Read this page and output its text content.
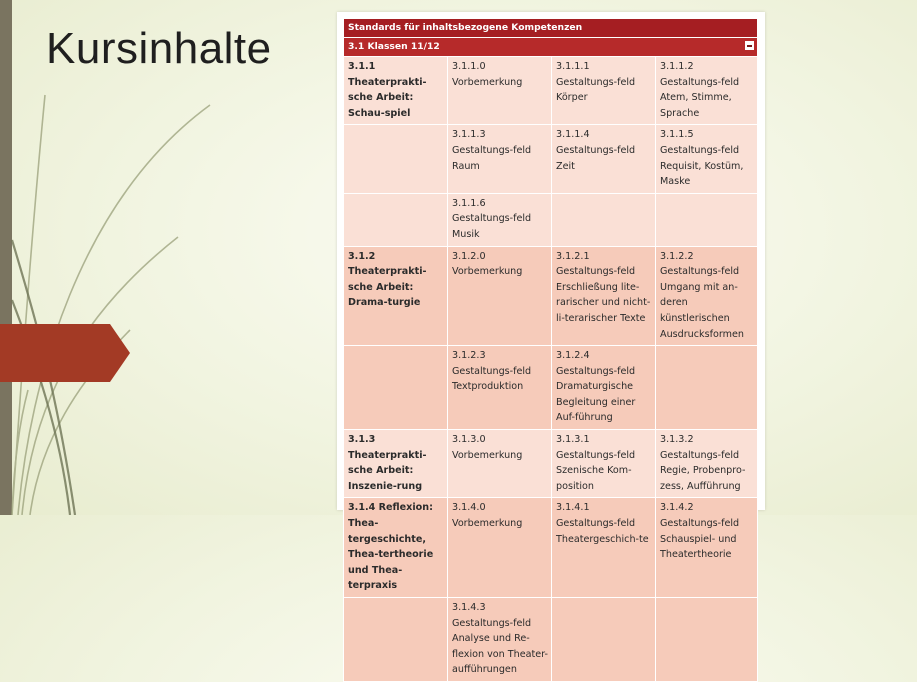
Kursinhalte	Standards für inhaltsbezogene Kompetenzen			
3.1 Klassen 11/12			

3.1.1 Theaterprakti-sche Arbeit: Schau-spiel	3.1.1.0 Vorbemerkung	3.1.1.1 Gestaltungs-feld Körper	3.1.1.2 Gestaltungs-feld Atem, Stimme, Sprache
	3.1.1.3 Gestaltungs-feld Raum	3.1.1.4 Gestaltungs-feld Zeit	3.1.1.5 Gestaltungs-feld Requisit, Kostüm, Maske
	3.1.1.6 Gestaltungs-feld Musik		
3.1.2 Theaterprakti-sche Arbeit: Drama-turgie	3.1.2.0 Vorbemerkung	3.1.2.1 Gestaltungs-feld Erschließung lite-rarischer und nicht-li-terarischer Texte	3.1.2.2 Gestaltungs-feld Umgang mit an-deren künstlerischen Ausdrucksformen
	3.1.2.3 Gestaltungs-feld Textproduktion	3.1.2.4 Gestaltungs-feld Dramaturgische Begleitung einer Auf-führung	
3.1.3 Theaterprakti-sche Arbeit: Inszenie-rung	3.1.3.0 Vorbemerkung	3.1.3.1 Gestaltungs-feld Szenische Kom-position	3.1.3.2 Gestaltungs-feld Regie, Probenpro-zess, Aufführung
3.1.4 Reflexion: Thea-tergeschichte, Thea-tertheorie und Thea-terpraxis	3.1.4.0 Vorbemerkung	3.1.4.1 Gestaltungs-feld Theatergeschich-te	3.1.4.2 Gestaltungs-feld Schauspiel- und Theatertheorie
	3.1.4.3 Gestaltungs-feld Analyse und Re-flexion von Theater-aufführungen		
